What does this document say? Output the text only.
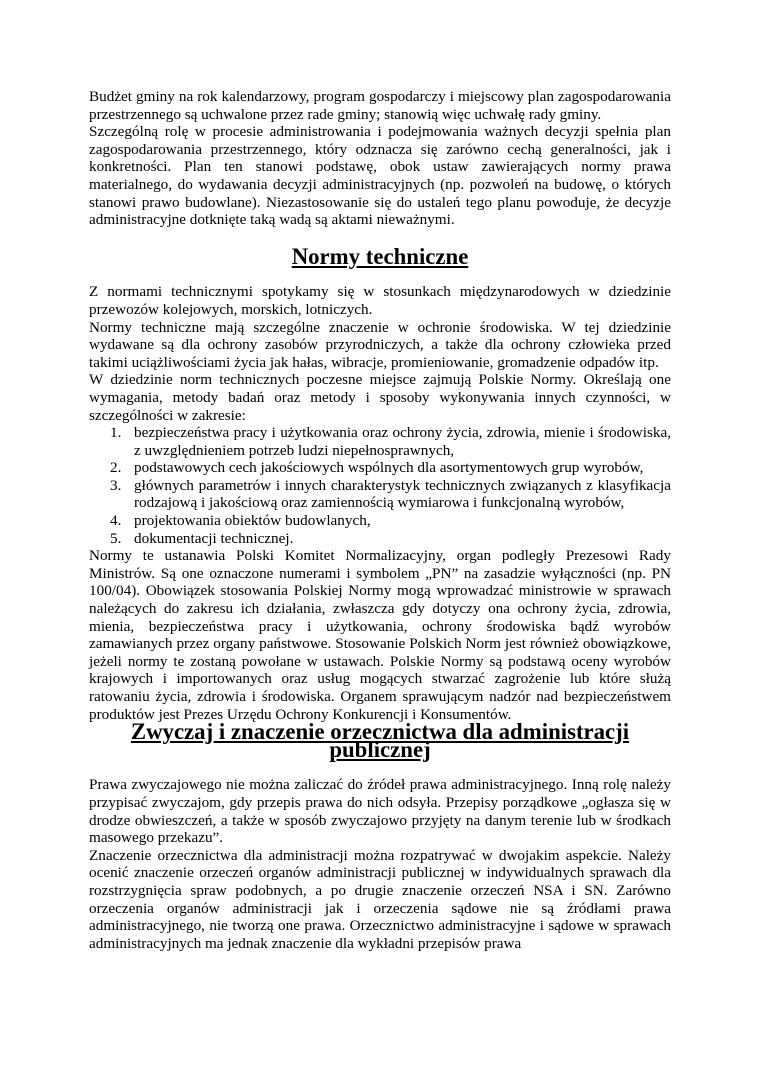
Budżet gminy na rok kalendarzowy, program gospodarczy i miejscowy plan zagospodarowania przestrzennego są uchwalone przez rade gminy; stanowią więc uchwałę rady gminy.

Szczególną rolę w procesie administrowania i podejmowania ważnych decyzji spełnia plan zagospodarowania przestrzennego, który odznacza się zarówno cechą generalności, jak i konkretności. Plan ten stanowi podstawę, obok ustaw zawierających normy prawa materialnego, do wydawania decyzji administracyjnych (np. pozwoleń na budowę, o których stanowi prawo budowlane). Niezastosowanie się do ustaleń tego planu powoduje, że decyzje administracyjne dotknięte taką wadą są aktami nieważnymi.

Normy techniczne

Z normami technicznymi spotykamy się w stosunkach międzynarodowych w dziedzinie przewozów kolejowych, morskich, lotniczych.

Normy techniczne mają szczególne znaczenie w ochronie środowiska. W tej dziedzinie wydawane są dla ochrony zasobów przyrodniczych, a także dla ochrony człowieka przed takimi uciążliwościami życia jak hałas, wibracje, promieniowanie, gromadzenie odpadów itp.

W dziedzinie norm technicznych poczesne miejsce zajmują Polskie Normy. Określają one wymagania, metody badań oraz metody i sposoby wykonywania innych czynności, w szczególności w zakresie:

1. bezpieczeństwa pracy i użytkowania oraz ochrony życia, zdrowia, mienie i środowiska, z uwzględnieniem potrzeb ludzi niepełnosprawnych,
2. podstawowych cech jakościowych wspólnych dla asortymentowych grup wyrobów,
3. głównych parametrów i innych charakterystyk technicznych związanych z klasyfikacja rodzajową i jakościową oraz zamiennością wymiarowa i funkcjonalną wyrobów,
4. projektowania obiektów budowlanych,
5. dokumentacji technicznej.

Normy te ustanawia Polski Komitet Normalizacyjny, organ podległy Prezesowi Rady Ministrów. Są one oznaczone numerami i symbolem „PN” na zasadzie wyłączności (np. PN 100/04). Obowiązek stosowania Polskiej Normy mogą wprowadzać ministrowie w sprawach należących do zakresu ich działania, zwłaszcza gdy dotyczy ona ochrony życia, zdrowia, mienia, bezpieczeństwa pracy i użytkowania, ochrony środowiska bądź wyrobów zamawianych przez organy państwowe. Stosowanie Polskich Norm jest również obowiązkowe, jeżeli normy te zostaną powołane w ustawach. Polskie Normy są podstawą oceny wyrobów krajowych i importowanych oraz usług mogących stwarzać zagrożenie lub które służą ratowaniu życia, zdrowia i środowiska. Organem sprawującym nadzór nad bezpieczeństwem produktów jest Prezes Urzędu Ochrony Konkurencji i Konsumentów.

Zwyczaj i znaczenie orzecznictwa dla administracji publicznej

Prawa zwyczajowego nie można zaliczać do źródeł prawa administracyjnego. Inną rolę należy przypisać zwyczajom, gdy przepis prawa do nich odsyła. Przepisy porządkowe „ogłasza się w drodze obwieszczeń, a także w sposób zwyczajowo przyjęty na danym terenie lub w środkach masowego przekazu”.

Znaczenie orzecznictwa dla administracji można rozpatrywać w dwojakim aspekcie. Należy ocenić znaczenie orzeczeń organów administracji publicznej w indywidualnych sprawach dla rozstrzygnięcia spraw podobnych, a po drugie znaczenie orzeczeń NSA i SN. Zarówno orzeczenia organów administracji jak i orzeczenia sądowe nie są źródłami prawa administracyjnego, nie tworzą one prawa. Orzecznictwo administracyjne i sądowe w sprawach administracyjnych ma jednak znaczenie dla wykładni przepisów prawa
